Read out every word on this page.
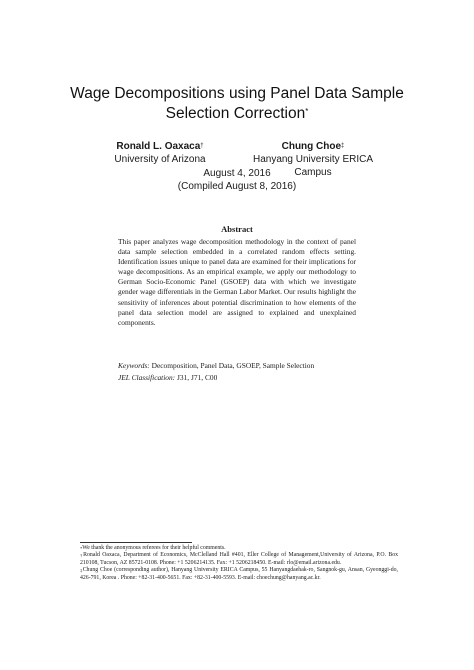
Wage Decompositions using Panel Data Sample
Selection Correction*
Ronald L. Oaxaca†
University of Arizona
Chung Choe‡
Hanyang University ERICA Campus
August 4, 2016
(Compiled August 8, 2016)
Abstract
This paper analyzes wage decomposition methodology in the context of panel data sample selection embedded in a correlated random effects setting. Identification issues unique to panel data are examined for their implications for wage decompositions. As an empirical example, we apply our methodology to German Socio-Economic Panel (GSOEP) data with which we investigate gender wage differentials in the German Labor Market. Our results highlight the sensitivity of inferences about potential discrimination to how elements of the panel data selection model are assigned to explained and unexplained components.
Keywords: Decomposition, Panel Data, GSOEP, Sample Selection
JEL Classification: J31, J71, C00

*We thank the anonymous referees for their helpful comments.

†Ronald Oaxaca, Department of Economics, McClelland Hall #401, Eller College of Management,University of Arizona, P.O. Box 210108, Tucson, AZ 85721-0108. Phone: +1 5206214135. Fax: +1 5206218450. E-mail: rlo@email.arizona.edu.

‡Chung Choe (corresponding author), Hanyang University ERICA Campus, 55 Hanyangdaehak-ro, Sangnok-gu, Ansan, Gyeonggi-do, 426-791, Korea . Phone: +82-31-400-5651. Fax: +82-31-400-5593. E-mail: choechung@hanyang.ac.kr.
